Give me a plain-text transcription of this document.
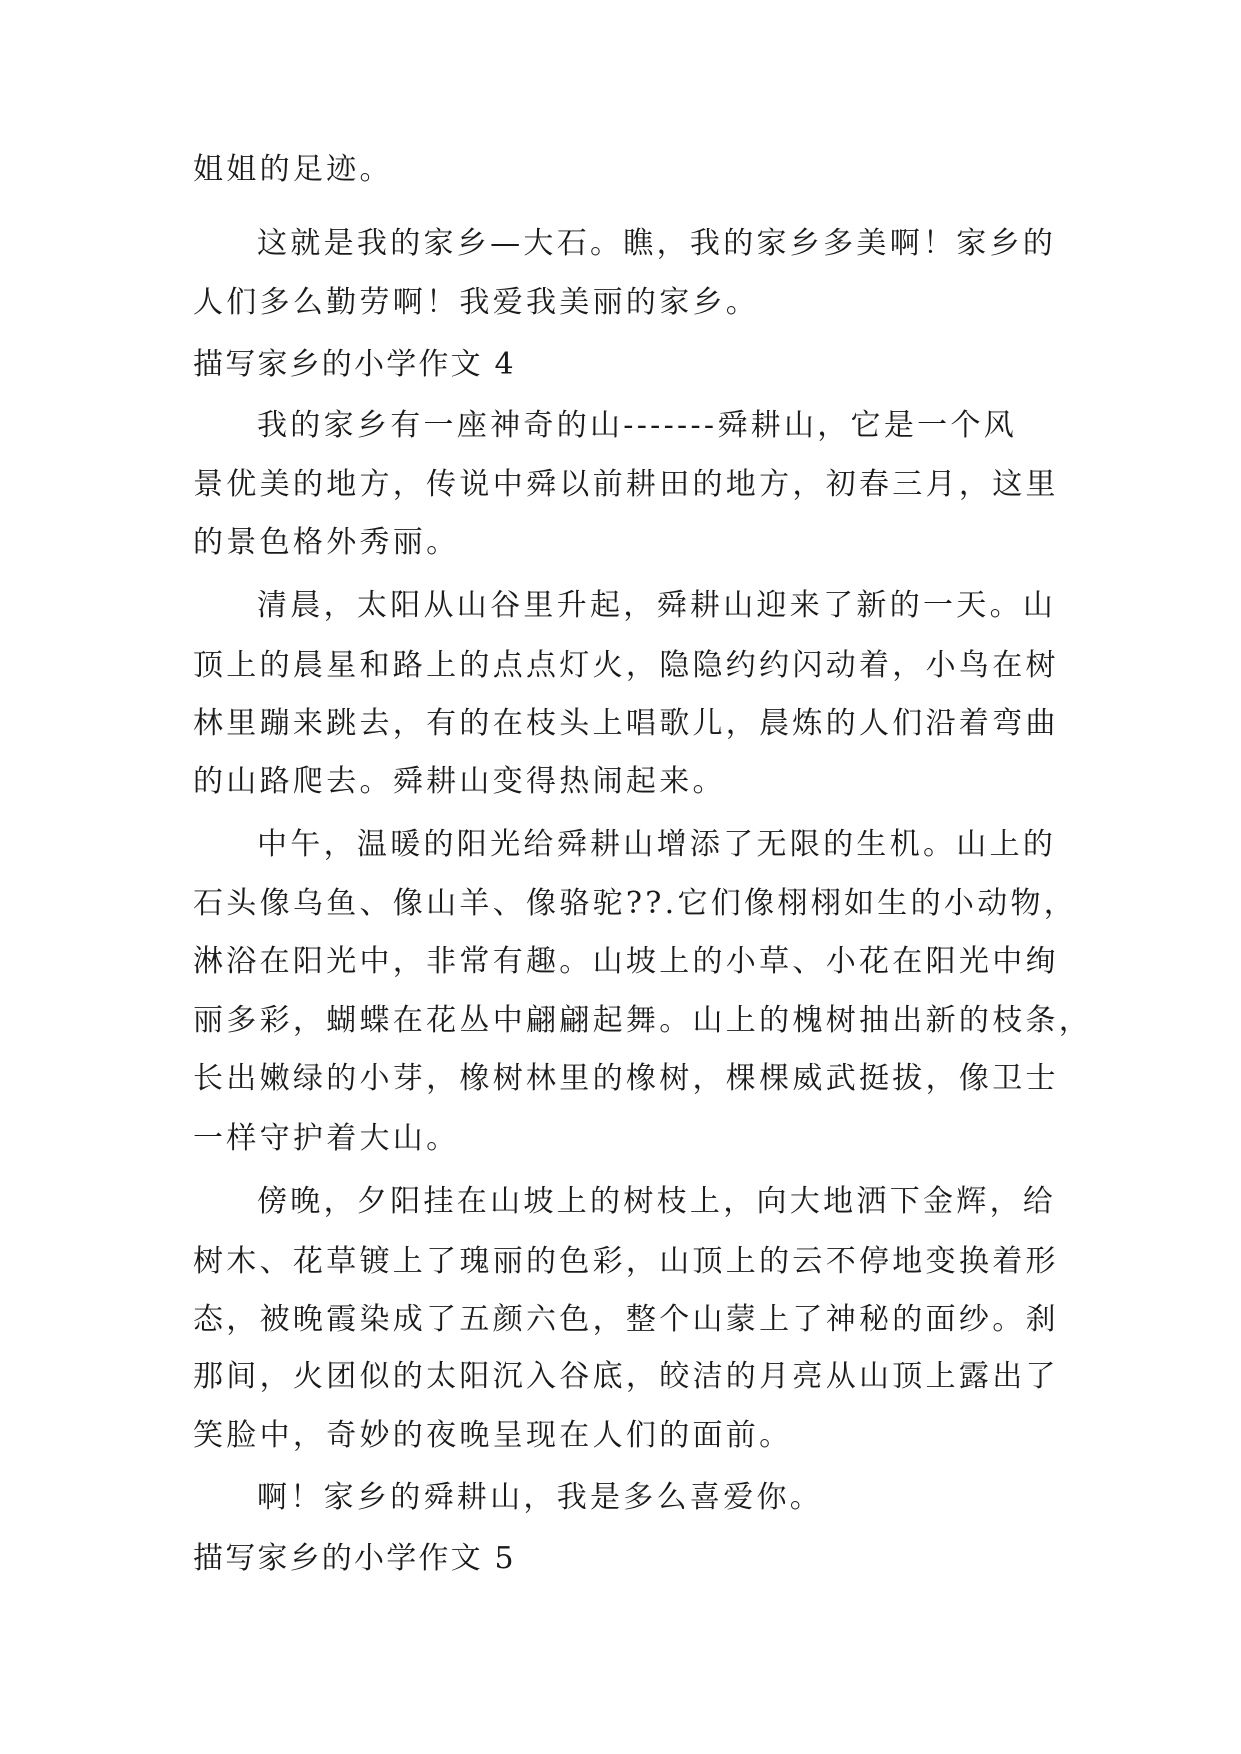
姐姐的足迹。
这就是我的家乡—大石。瞧，我的家乡多美啊！家乡的
人们多么勤劳啊！我爱我美丽的家乡。
描写家乡的小学作文 4
我的家乡有一座神奇的山-------舜耕山，它是一个风
景优美的地方，传说中舜以前耕田的地方，初春三月，这里
的景色格外秀丽。
清晨，太阳从山谷里升起，舜耕山迎来了新的一天。山
顶上的晨星和路上的点点灯火，隐隐约约闪动着，小鸟在树
林里蹦来跳去，有的在枝头上唱歌儿，晨炼的人们沿着弯曲
的山路爬去。舜耕山变得热闹起来。
中午，温暖的阳光给舜耕山增添了无限的生机。山上的
石头像乌鱼、像山羊、像骆驼??.它们像栩栩如生的小动物，
淋浴在阳光中，非常有趣。山坡上的小草、小花在阳光中绚
丽多彩，蝴蝶在花丛中翩翩起舞。山上的槐树抽出新的枝条，
长出嫩绿的小芽，橡树林里的橡树，棵棵威武挺拔，像卫士
一样守护着大山。
傍晚，夕阳挂在山坡上的树枝上，向大地洒下金辉，给
树木、花草镀上了瑰丽的色彩，山顶上的云不停地变换着形
态，被晚霞染成了五颜六色，整个山蒙上了神秘的面纱。刹
那间，火团似的太阳沉入谷底，皎洁的月亮从山顶上露出了
笑脸中，奇妙的夜晚呈现在人们的面前。
啊！家乡的舜耕山，我是多么喜爱你。
描写家乡的小学作文 5
